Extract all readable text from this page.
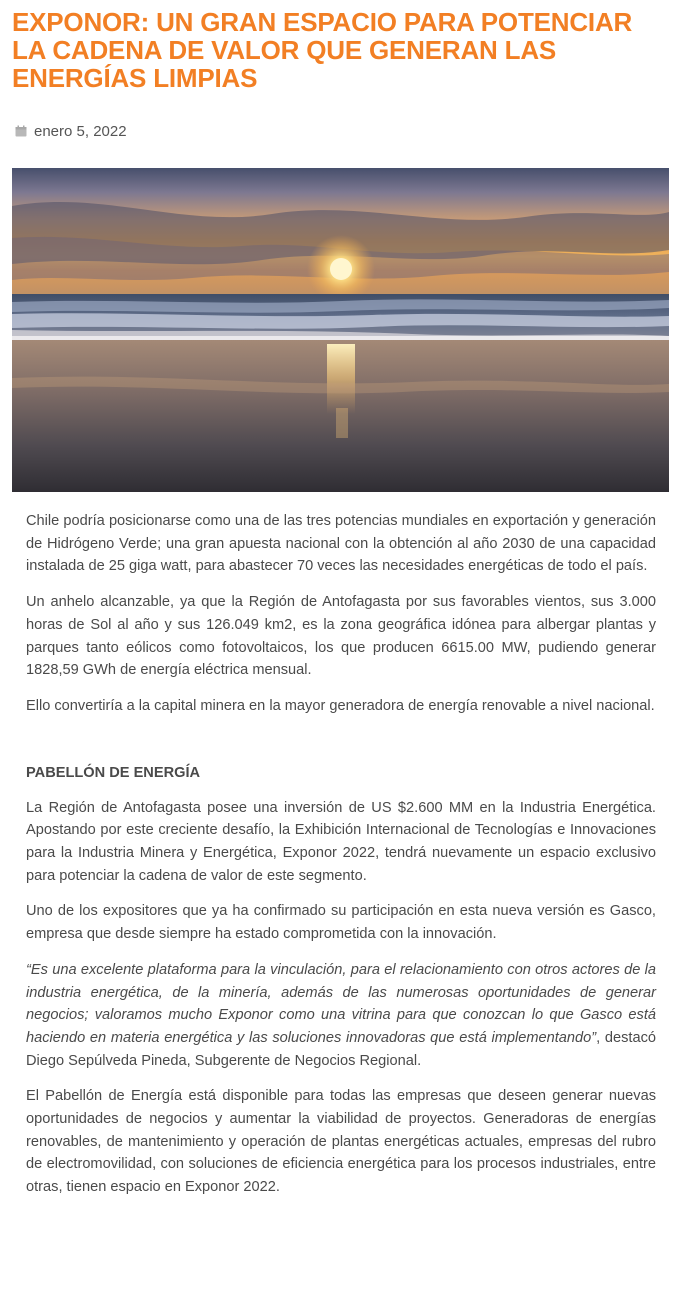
EXPONOR: UN GRAN ESPACIO PARA POTENCIAR LA CADENA DE VALOR QUE GENERAN LAS ENERGÍAS LIMPIAS
enero 5, 2022

Chile podría posicionarse como una de las tres potencias mundiales en exportación y generación de Hidrógeno Verde; una gran apuesta nacional con la obtención al año 2030 de una capacidad instalada de 25 giga watt, para abastecer 70 veces las necesidades energéticas de todo el país.

Un anhelo alcanzable, ya que la Región de Antofagasta por sus favorables vientos, sus 3.000 horas de Sol al año y sus 126.049 km2, es la zona geográfica idónea para albergar plantas y parques tanto eólicos como fotovoltaicos, los que producen 6615.00 MW, pudiendo generar 1828,59 GWh de energía eléctrica mensual.

Ello convertiría a la capital minera en la mayor generadora de energía renovable a nivel nacional.

PABELLÓN DE ENERGÍA

La Región de Antofagasta posee una inversión de US $2.600 MM en la Industria Energética. Apostando por este creciente desafío, la Exhibición Internacional de Tecnologías e Innovaciones para la Industria Minera y Energética, Exponor 2022, tendrá nuevamente un espacio exclusivo para potenciar la cadena de valor de este segmento.

Uno de los expositores que ya ha confirmado su participación en esta nueva versión es Gasco, empresa que desde siempre ha estado comprometida con la innovación.

“Es una excelente plataforma para la vinculación, para el relacionamiento con otros actores de la industria energética, de la minería, además de las numerosas oportunidades de generar negocios; valoramos mucho Exponor como una vitrina para que conozcan lo que Gasco está haciendo en materia energética y las soluciones innovadoras que está implementando”, destacó Diego Sepúlveda Pineda, Subgerente de Negocios Regional.

El Pabellón de Energía está disponible para todas las empresas que deseen generar nuevas oportunidades de negocios y aumentar la viabilidad de proyectos. Generadoras de energías renovables, de mantenimiento y operación de plantas energéticas actuales, empresas del rubro de electromovilidad, con soluciones de eficiencia energética para los procesos industriales, entre otras, tienen espacio en Exponor 2022.
